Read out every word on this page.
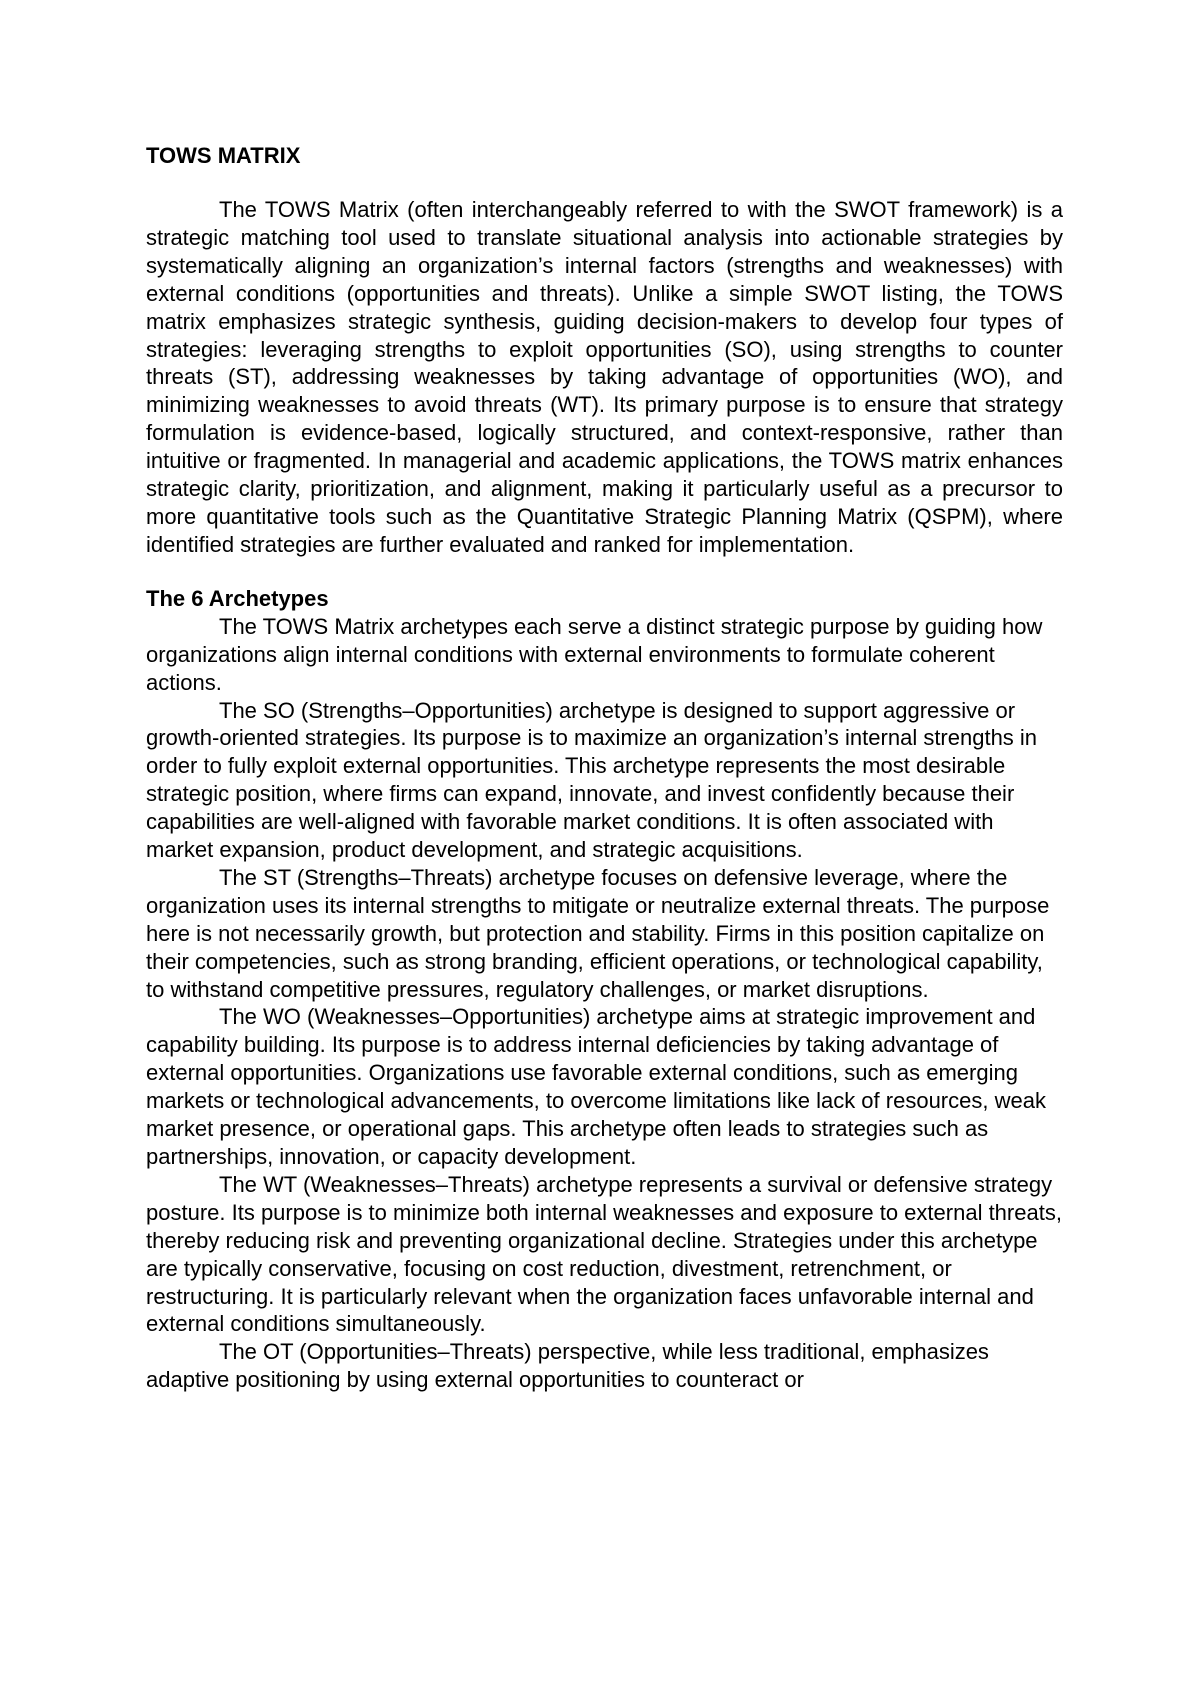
TOWS MATRIX

The TOWS Matrix (often interchangeably referred to with the SWOT framework) is a strategic matching tool used to translate situational analysis into actionable strategies by systematically aligning an organization’s internal factors (strengths and weaknesses) with external conditions (opportunities and threats). Unlike a simple SWOT listing, the TOWS matrix emphasizes strategic synthesis, guiding decision-makers to develop four types of strategies: leveraging strengths to exploit opportunities (SO), using strengths to counter threats (ST), addressing weaknesses by taking advantage of opportunities (WO), and minimizing weaknesses to avoid threats (WT). Its primary purpose is to ensure that strategy formulation is evidence-based, logically structured, and context-responsive, rather than intuitive or fragmented. In managerial and academic applications, the TOWS matrix enhances strategic clarity, prioritization, and alignment, making it particularly useful as a precursor to more quantitative tools such as the Quantitative Strategic Planning Matrix (QSPM), where identified strategies are further evaluated and ranked for implementation.

The 6 Archetypes

The TOWS Matrix archetypes each serve a distinct strategic purpose by guiding how organizations align internal conditions with external environments to formulate coherent actions.

The SO (Strengths–Opportunities) archetype is designed to support aggressive or growth-oriented strategies. Its purpose is to maximize an organization’s internal strengths in order to fully exploit external opportunities. This archetype represents the most desirable strategic position, where firms can expand, innovate, and invest confidently because their capabilities are well-aligned with favorable market conditions. It is often associated with market expansion, product development, and strategic acquisitions.

The ST (Strengths–Threats) archetype focuses on defensive leverage, where the organization uses its internal strengths to mitigate or neutralize external threats. The purpose here is not necessarily growth, but protection and stability. Firms in this position capitalize on their competencies, such as strong branding, efficient operations, or technological capability, to withstand competitive pressures, regulatory challenges, or market disruptions.

The WO (Weaknesses–Opportunities) archetype aims at strategic improvement and capability building. Its purpose is to address internal deficiencies by taking advantage of external opportunities. Organizations use favorable external conditions, such as emerging markets or technological advancements, to overcome limitations like lack of resources, weak market presence, or operational gaps. This archetype often leads to strategies such as partnerships, innovation, or capacity development.

The WT (Weaknesses–Threats) archetype represents a survival or defensive strategy posture. Its purpose is to minimize both internal weaknesses and exposure to external threats, thereby reducing risk and preventing organizational decline. Strategies under this archetype are typically conservative, focusing on cost reduction, divestment, retrenchment, or restructuring. It is particularly relevant when the organization faces unfavorable internal and external conditions simultaneously.

The OT (Opportunities–Threats) perspective, while less traditional, emphasizes adaptive positioning by using external opportunities to counteract or
